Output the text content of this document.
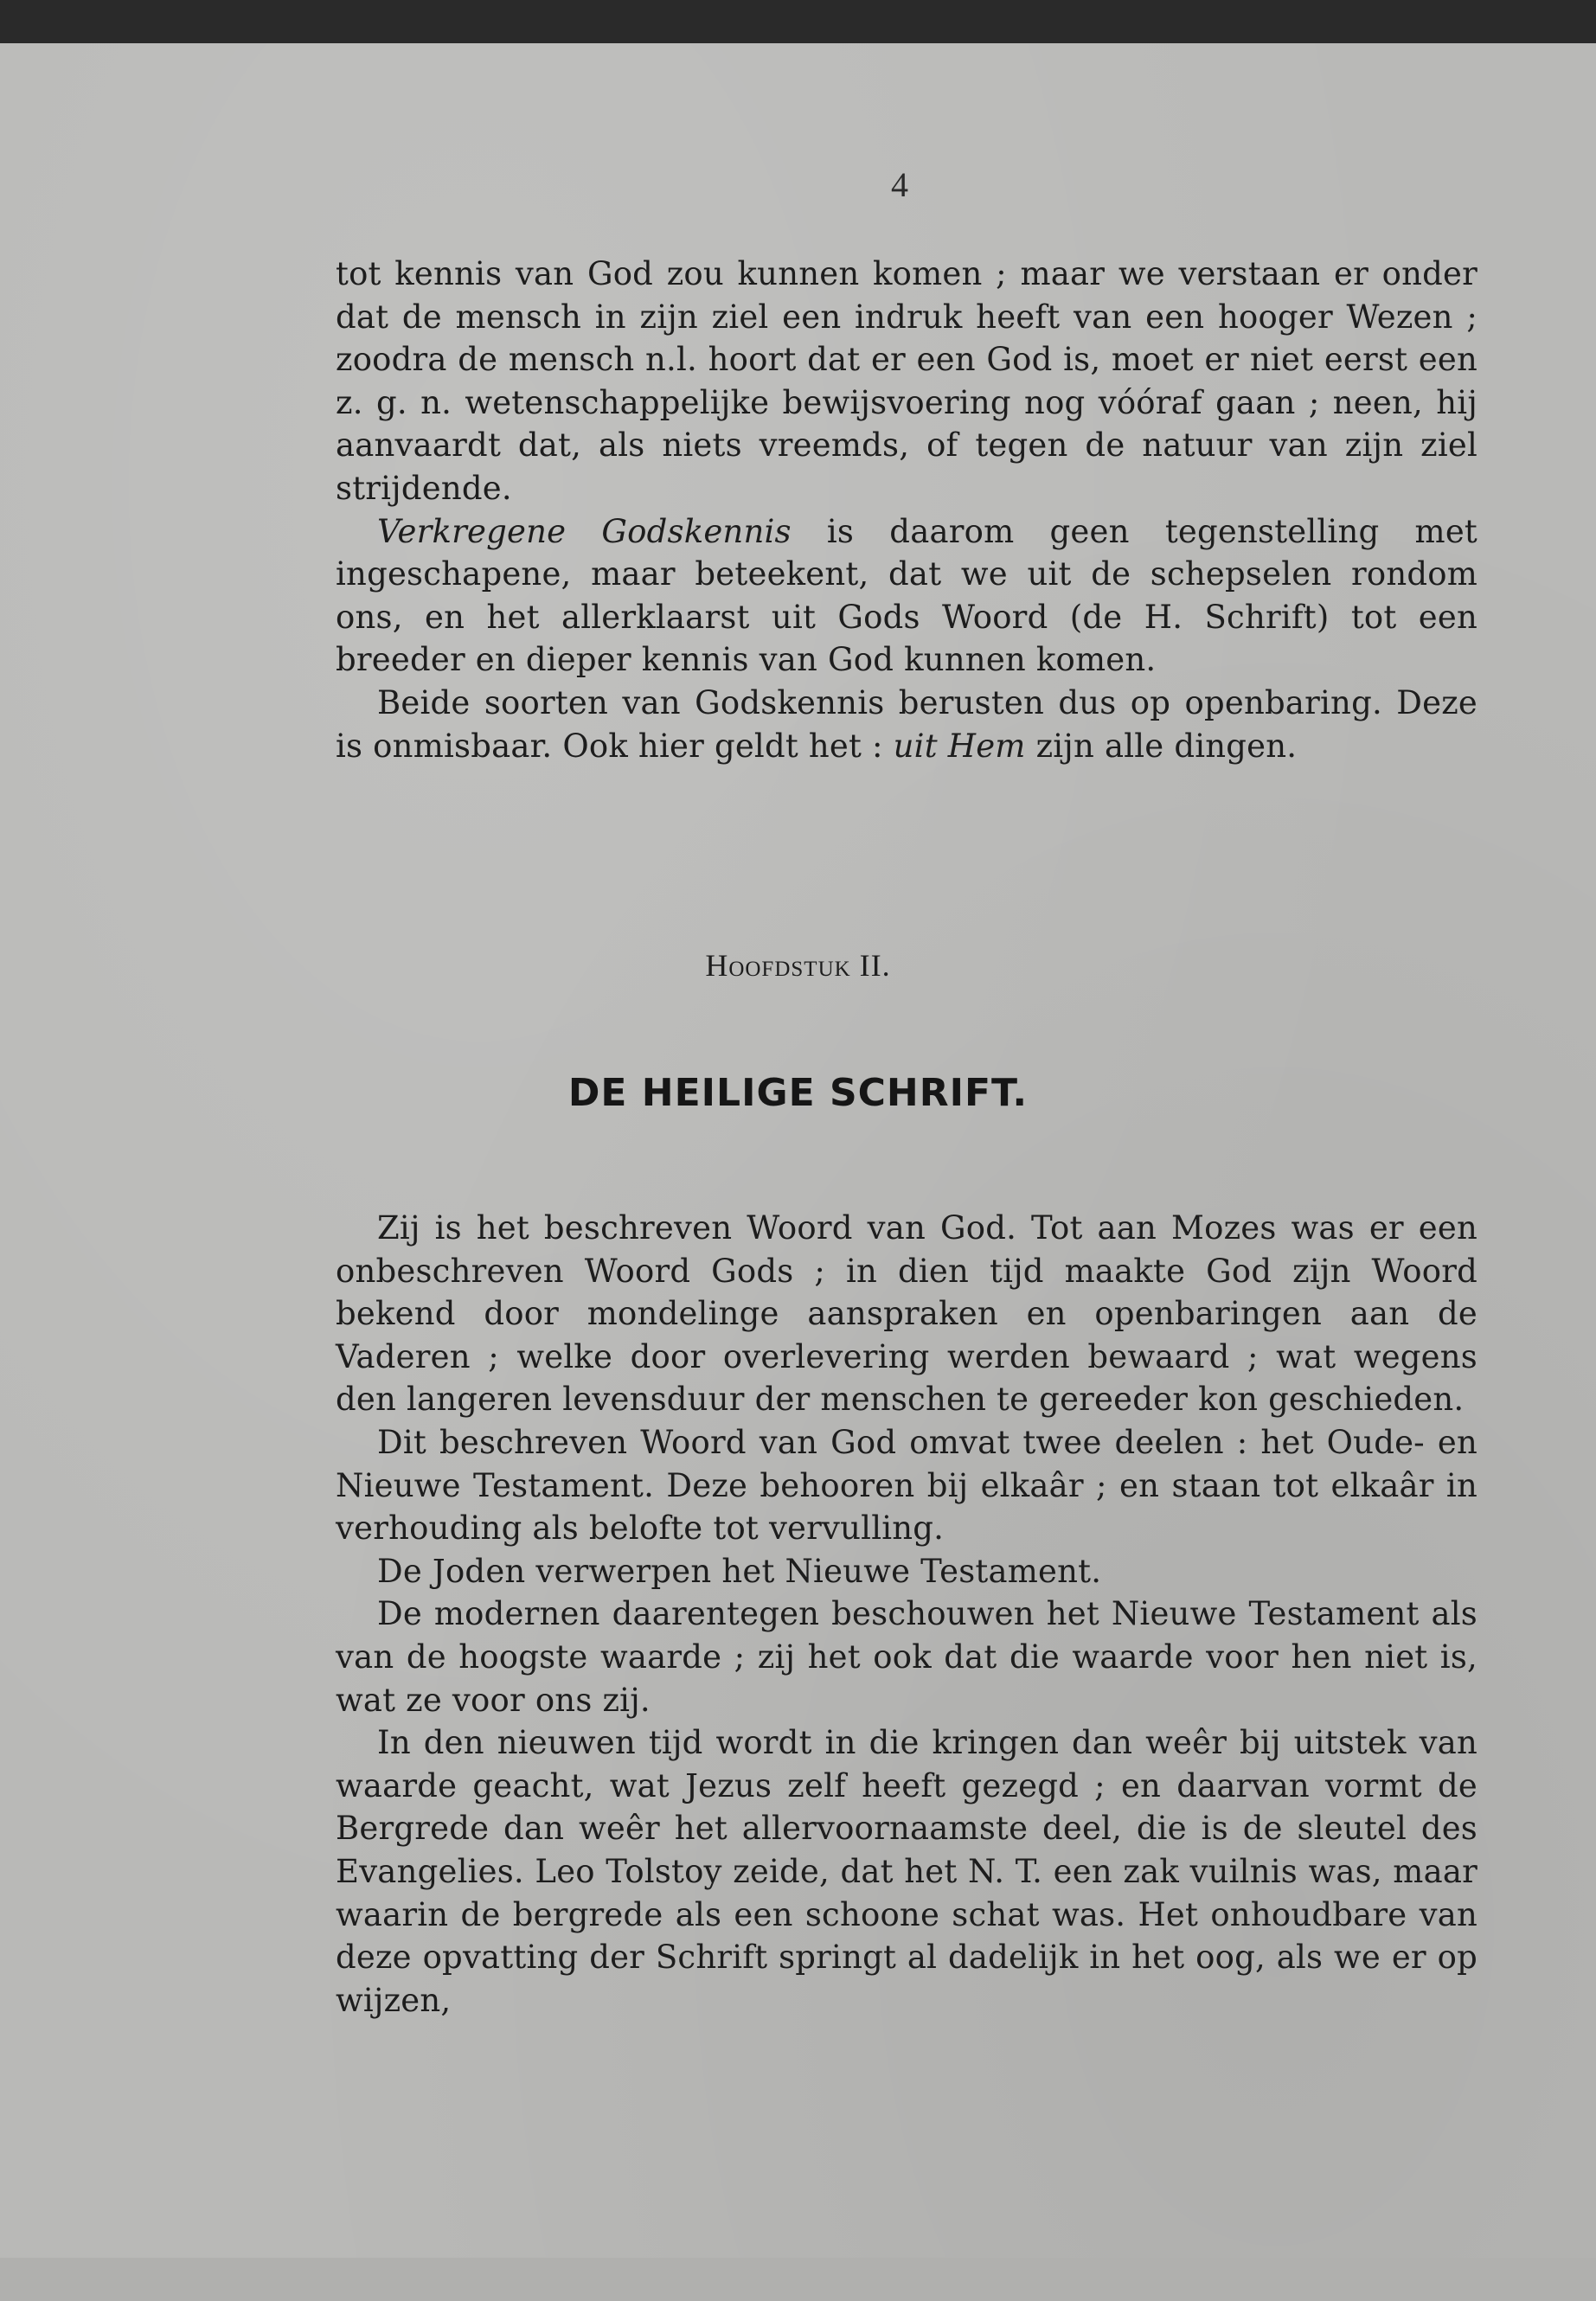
4

tot kennis van God zou kunnen komen ; maar we verstaan er onder dat de mensch in zijn ziel een indruk heeft van een hooger Wezen ; zoodra de mensch n.l. hoort dat er een God is, moet er niet eerst een z. g. n. wetenschappelijke bewijsvoering nog vóóraf gaan ; neen, hij aanvaardt dat, als niets vreemds, of tegen de natuur van zijn ziel strijdende.

Verkregene Godskennis is daarom geen tegenstelling met ingeschapene, maar beteekent, dat we uit de schepselen rondom ons, en het allerklaarst uit Gods Woord (de H. Schrift) tot een breeder en dieper kennis van God kunnen komen.

Beide soorten van Godskennis berusten dus op openbaring. Deze is onmisbaar. Ook hier geldt het : uit Hem zijn alle dingen.

Hoofdstuk II.
DE HEILIGE SCHRIFT.

Zij is het beschreven Woord van God. Tot aan Mozes was er een onbeschreven Woord Gods ; in dien tijd maakte God zijn Woord bekend door mondelinge aanspraken en openbaringen aan de Vaderen ; welke door overlevering werden bewaard ; wat wegens den langeren levensduur der menschen te gereeder kon geschieden.

Dit beschreven Woord van God omvat twee deelen : het Oude- en Nieuwe Testament. Deze behooren bij elkaâr ; en staan tot elkaâr in verhouding als belofte tot vervulling.

De Joden verwerpen het Nieuwe Testament.

De modernen daarentegen beschouwen het Nieuwe Testament als van de hoogste waarde ; zij het ook dat die waarde voor hen niet is, wat ze voor ons zij.

In den nieuwen tijd wordt in die kringen dan weêr bij uitstek van waarde geacht, wat Jezus zelf heeft gezegd ; en daarvan vormt de Bergrede dan weêr het allervoornaamste deel, die is de sleutel des Evangelies. Leo Tolstoy zeide, dat het N. T. een zak vuilnis was, maar waarin de bergrede als een schoone schat was. Het onhoudbare van deze opvatting der Schrift springt al dadelijk in het oog, als we er op wijzen,
